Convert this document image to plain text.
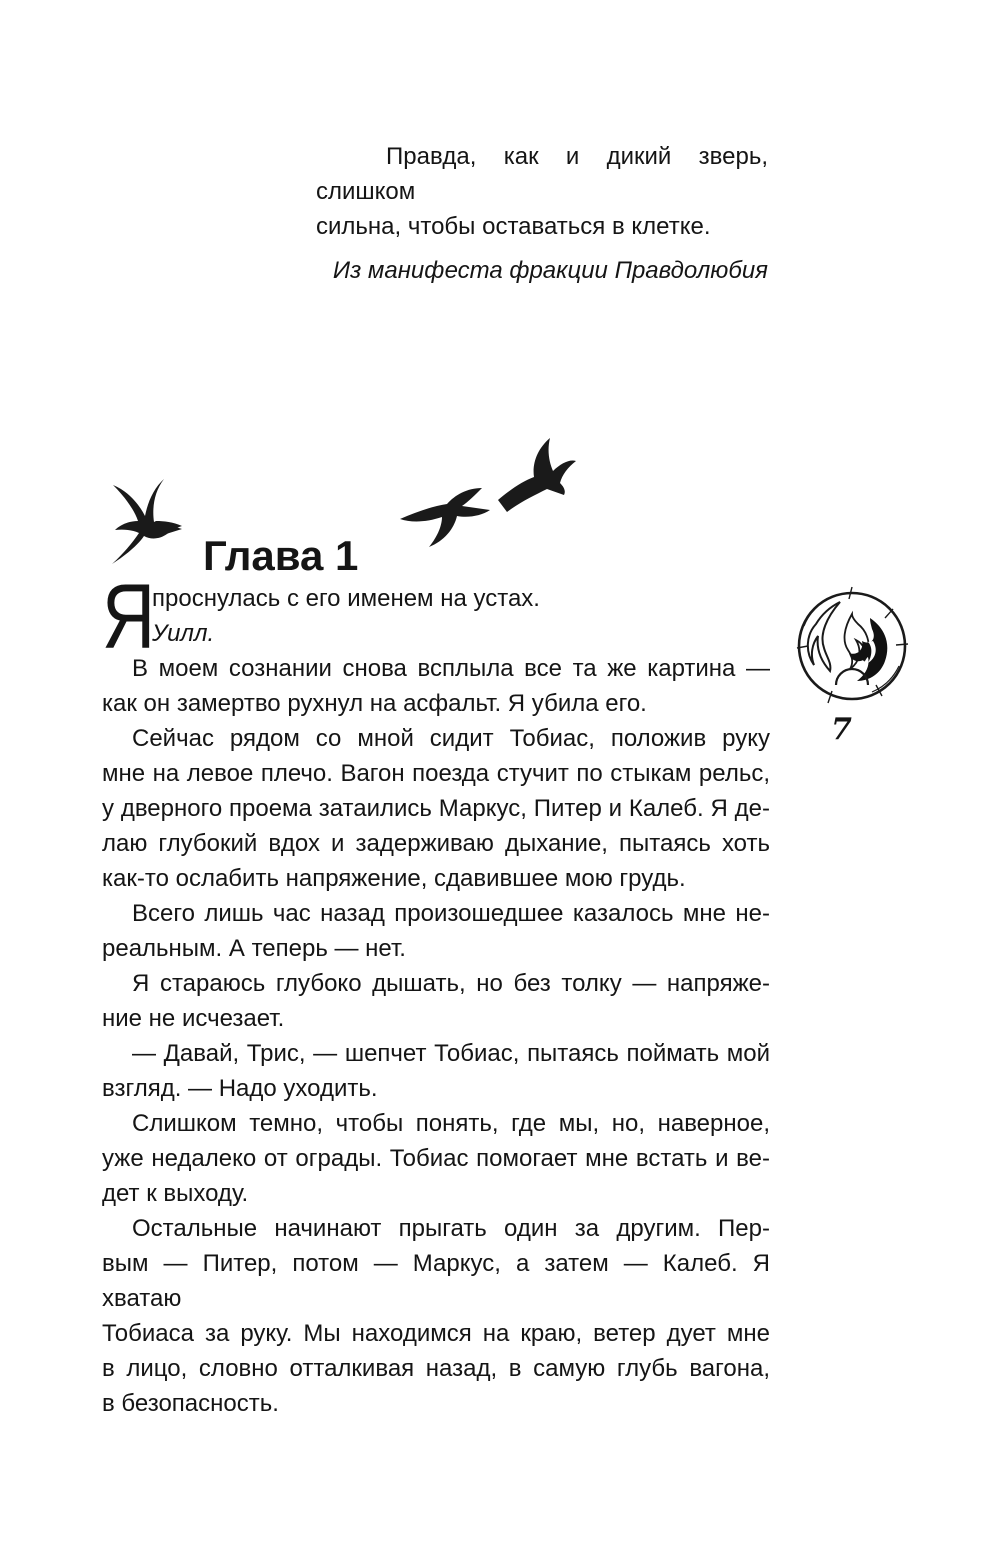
Правда, как и дикий зверь, слишком
сильна, чтобы оставаться в клетке.
Из манифеста фракции Правдолюбия
Глава 1
Я
проснулась с его именем на устах.
Уилл.
В моем сознании снова всплыла все та же картина —
как он замертво рухнул на асфальт. Я убила его.
Сейчас рядом со мной сидит Тобиас, положив руку
мне на левое плечо. Вагон поезда стучит по стыкам рельс,
у дверного проема затаились Маркус, Питер и Калеб. Я де-
лаю глубокий вдох и задерживаю дыхание, пытаясь хоть
как-то ослабить напряжение, сдавившее мою грудь.
Всего лишь час назад произошедшее казалось мне не-
реальным. А теперь — нет.
Я стараюсь глубоко дышать, но без толку — напряже-
ние не исчезает.
— Давай, Трис, — шепчет Тобиас, пытаясь поймать мой
взгляд. — Надо уходить.
Слишком темно, чтобы понять, где мы, но, наверное,
уже недалеко от ограды. Тобиас помогает мне встать и ве-
дет к выходу.
Остальные начинают прыгать один за другим. Пер-
вым — Питер, потом — Маркус, а затем — Калеб. Я хватаю
Тобиаса за руку. Мы находимся на краю, ветер дует мне
в лицо, словно отталкивая назад, в самую глубь вагона,
в безопасность.
7
